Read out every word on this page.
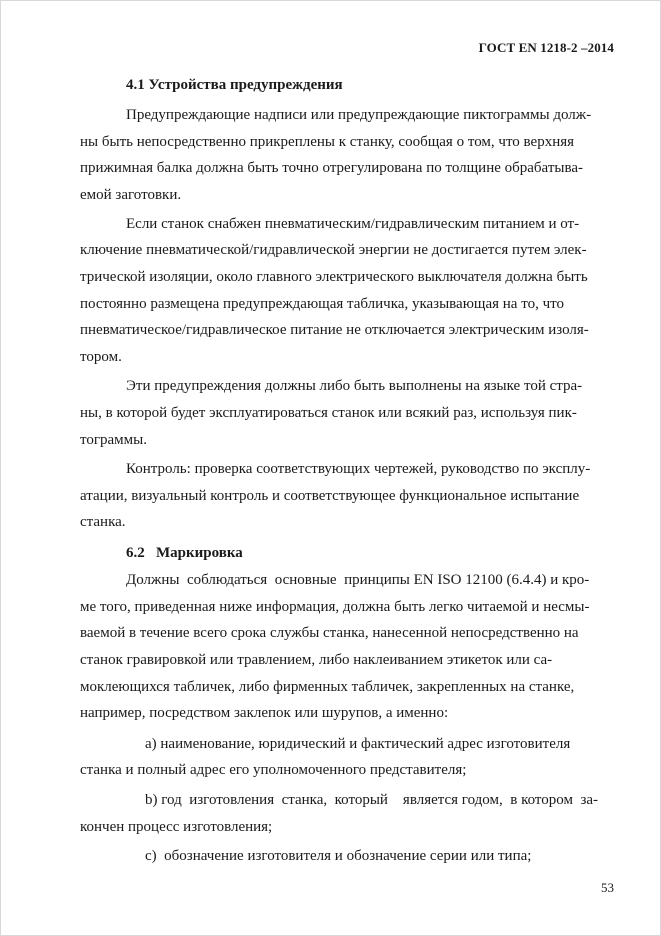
ГОСТ EN 1218-2 –2014
4.1 Устройства предупреждения
Предупреждающие надписи или предупреждающие пиктограммы долж-
ны быть непосредственно прикреплены к станку, сообщая о том, что верхняя
прижимная балка должна быть точно отрегулирована по толщине обрабатыва-
емой заготовки.
Если станок снабжен пневматическим/гидравлическим питанием и от-
ключение пневматической/гидравлической энергии не достигается путем элек-
трической изоляции, около главного электрического выключателя должна быть
постоянно размещена предупреждающая табличка, указывающая на то, что
пневматическое/гидравлическое питание не отключается электрическим изоля-
тором.
Эти предупреждения должны либо быть выполнены на языке той стра-
ны, в которой будет эксплуатироваться станок или всякий раз, используя пик-
тограммы.
Контроль: проверка соответствующих чертежей, руководство по эксплу-
атации, визуальный контроль и соответствующее функциональное испытание
станка.
6.2   Маркировка
Должны  соблюдаться  основные  принципы EN ISO 12100 (6.4.4) и кро-
ме того, приведенная ниже информация, должна быть легко читаемой и несмы-
ваемой в течение всего срока службы станка, нанесенной непосредственно на
станок гравировкой или травлением, либо наклеиванием этикеток или са-
моклеющихся табличек, либо фирменных табличек, закрепленных на станке,
например, посредством заклепок или шурупов, а именно:
а) наименование, юридический и фактический адрес изготовителя
станка и полный адрес его уполномоченного представителя;
b) год  изготовления  станка,  который    является годом,  в котором  за-
кончен процесс изготовления;
с)  обозначение изготовителя и обозначение серии или типа;
53
